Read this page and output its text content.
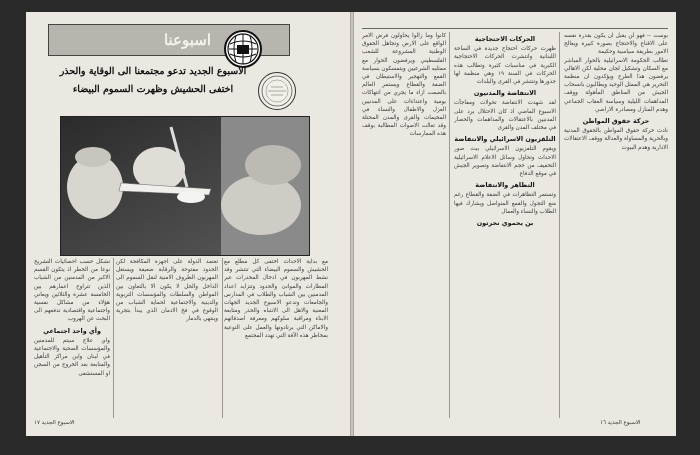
اسبوعنا
الاسبوع الجديد تدعو مجتمعنا الى الوقاية والحذر
اختفى الحشيش وظهرت السموم البيضاء

مع بداية الاحداث اختفى كل مطلع مع الحشيش والسموم البيضاء التي تنتشر وقد نشط المهربون في ادخال المخدرات عبر المطارات والموانئ والحدود وتتزايد اعداد المدمنين بين الشباب والطلاب في المدارس والجامعات وتدعو الاسبوع الجديد الجهات المعنية والاهل الى الانتباه والحذر ومتابعة الابناء ومراقبة سلوكهم ومعرفة اصدقائهم والاماكن التي يرتادونها والعمل على التوعية بمخاطر هذه الآفة التي تهدد المجتمع

تعتمد الدولة على اجهزة المكافحة لكن الحدود مفتوحة والرقابة ضعيفة ويستغل المهربون الظروف الامنية لنقل السموم الى الداخل والحل لا يكون الا بالتعاون بين المواطن والسلطات والمؤسسات التربوية والدينية والاجتماعية لحماية الشباب من الوقوع في فخ الادمان الذي يبدأ بتجربة وينتهي بالدمار

تشكل حسب احصائيات التشريح نوعا من الخطر اذ يتكون القسم الاكبر من المدمنين من الشباب الذين تتراوح اعمارهم بين الخامسة عشرة والثلاثين ويعاني هؤلاء من مشاكل نفسية واجتماعية واقتصادية تدفعهم الى البحث عن الهروب

وأي واحد اجتماعي

واي علاج سيتم للمدمنين والمؤسسات الصحية والاجتماعية في لبنان واين مراكز التأهيل والمتابعة بعد الخروج من السجن او المستشفى

الاسبوع الجديد ١٧

كانوا وما زالوا يحاولون فرض الامر الواقع على الارض وتجاهل الحقوق الوطنية المشروعة للشعب الفلسطيني ويرفضون الحوار مع ممثليه الشرعيين ويتمسكون بسياسة القمع والتهجير والاستيطان في الضفة والقطاع ويستمر العالم بالصمت ازاء ما يجري من انتهاكات يومية واعتداءات على المدنيين العزل والاطفال والنساء في المخيمات والقرى والمدن المحتلة وقد تعالت الاصوات المطالبة بوقف هذه الممارسات

الحركات الاحتجاجية

ظهرت حركات احتجاج جديدة في الساحة اللبنانية وانتشرت الحركات الاحتجاجية الكبرية في مناسبات كثيرة وتطالب هذه الحركات في السنة ١٩ وهي منظمة لها جذورها وتنتشر في القرى والبلدات

الانتفاضة والمدنيون

لقد شهدت الانتفاضة تحولات ومفاجآت الاسبوع الماضي اذ كان الاحتلال يرد على المدنيين بالاعتقالات والمداهمات والحصار في مختلف المدن والقرى

التلفزيون الاسرائيلي والانتفاضة

ويقوم التلفزيون الاسرائيلي ببث صور الاحداث وتحاول وسائل الاعلام الاسرائيلية التخفيف من حجم الانتفاضة وتصوير الجيش في موقع الدفاع

التظاهر والانتفاضة

وتستمر التظاهرات في الضفة والقطاع رغم منع التجول والقمع المتواصل ويشارك فيها الطلاب والنساء والعمال

بن يحموي نحرتون

بوست -- فهو لن يقبل ان يكون بقدرة نفسه على الاقناع والاحتجاج بصورة كبيرة ويعالج الامور بطريقة سياسية وحكيمة

تطالب الحكومة الاسرائيلية بالحوار المباشر مع السكان وتشكيل لجان محلية لكن الاهالي يرفضون هذا الطرح ويؤكدون ان منظمة التحرير هي الممثل الوحيد ويطالبون بانسحاب الجيش من المناطق المأهولة ووقف المداهمات الليلية وسياسة العقاب الجماعي وهدم المنازل ومصادرة الاراضي

حركة حقوق المواطن

نادت حركة حقوق المواطن بالحقوق المدنية وبالحرية والمساواة والعدالة ووقف الاعتقالات الادارية وهدم البيوت

الاسبوع الجديد ١٦
